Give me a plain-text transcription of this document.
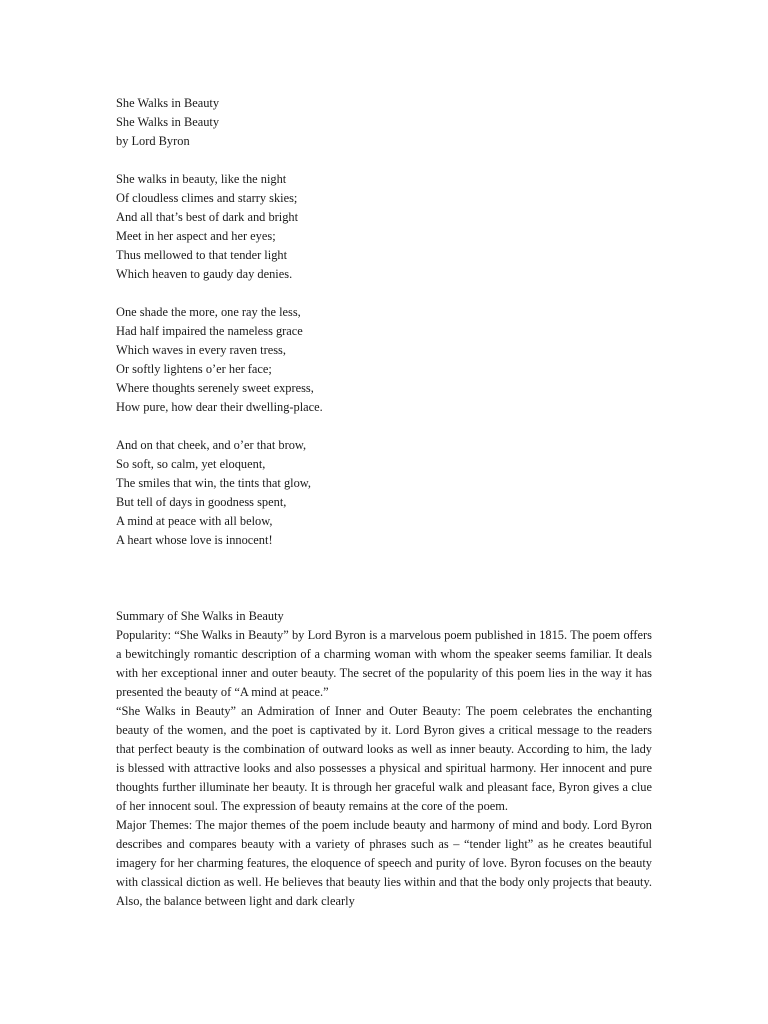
She Walks in Beauty
She Walks in Beauty
by Lord Byron
She walks in beauty, like the night
Of cloudless climes and starry skies;
And all that’s best of dark and bright
Meet in her aspect and her eyes;
Thus mellowed to that tender light
Which heaven to gaudy day denies.
One shade the more, one ray the less,
Had half impaired the nameless grace
Which waves in every raven tress,
Or softly lightens o’er her face;
Where thoughts serenely sweet express,
How pure, how dear their dwelling-place.
And on that cheek, and o’er that brow,
So soft, so calm, yet eloquent,
The smiles that win, the tints that glow,
But tell of days in goodness spent,
A mind at peace with all below,
A heart whose love is innocent!
Summary of She Walks in Beauty
Popularity: “She Walks in Beauty” by Lord Byron is a marvelous poem published in 1815. The poem offers a bewitchingly romantic description of a charming woman with whom the speaker seems familiar. It deals with her exceptional inner and outer beauty. The secret of the popularity of this poem lies in the way it has presented the beauty of “A mind at peace.”
“She Walks in Beauty” an Admiration of Inner and Outer Beauty: The poem celebrates the enchanting beauty of the women, and the poet is captivated by it. Lord Byron gives a critical message to the readers that perfect beauty is the combination of outward looks as well as inner beauty. According to him, the lady is blessed with attractive looks and also possesses a physical and spiritual harmony. Her innocent and pure thoughts further illuminate her beauty. It is through her graceful walk and pleasant face, Byron gives a clue of her innocent soul. The expression of beauty remains at the core of the poem.
Major Themes: The major themes of the poem include beauty and harmony of mind and body. Lord Byron describes and compares beauty with a variety of phrases such as – “tender light” as he creates beautiful imagery for her charming features, the eloquence of speech and purity of love. Byron focuses on the beauty with classical diction as well. He believes that beauty lies within and that the body only projects that beauty. Also, the balance between light and dark clearly
